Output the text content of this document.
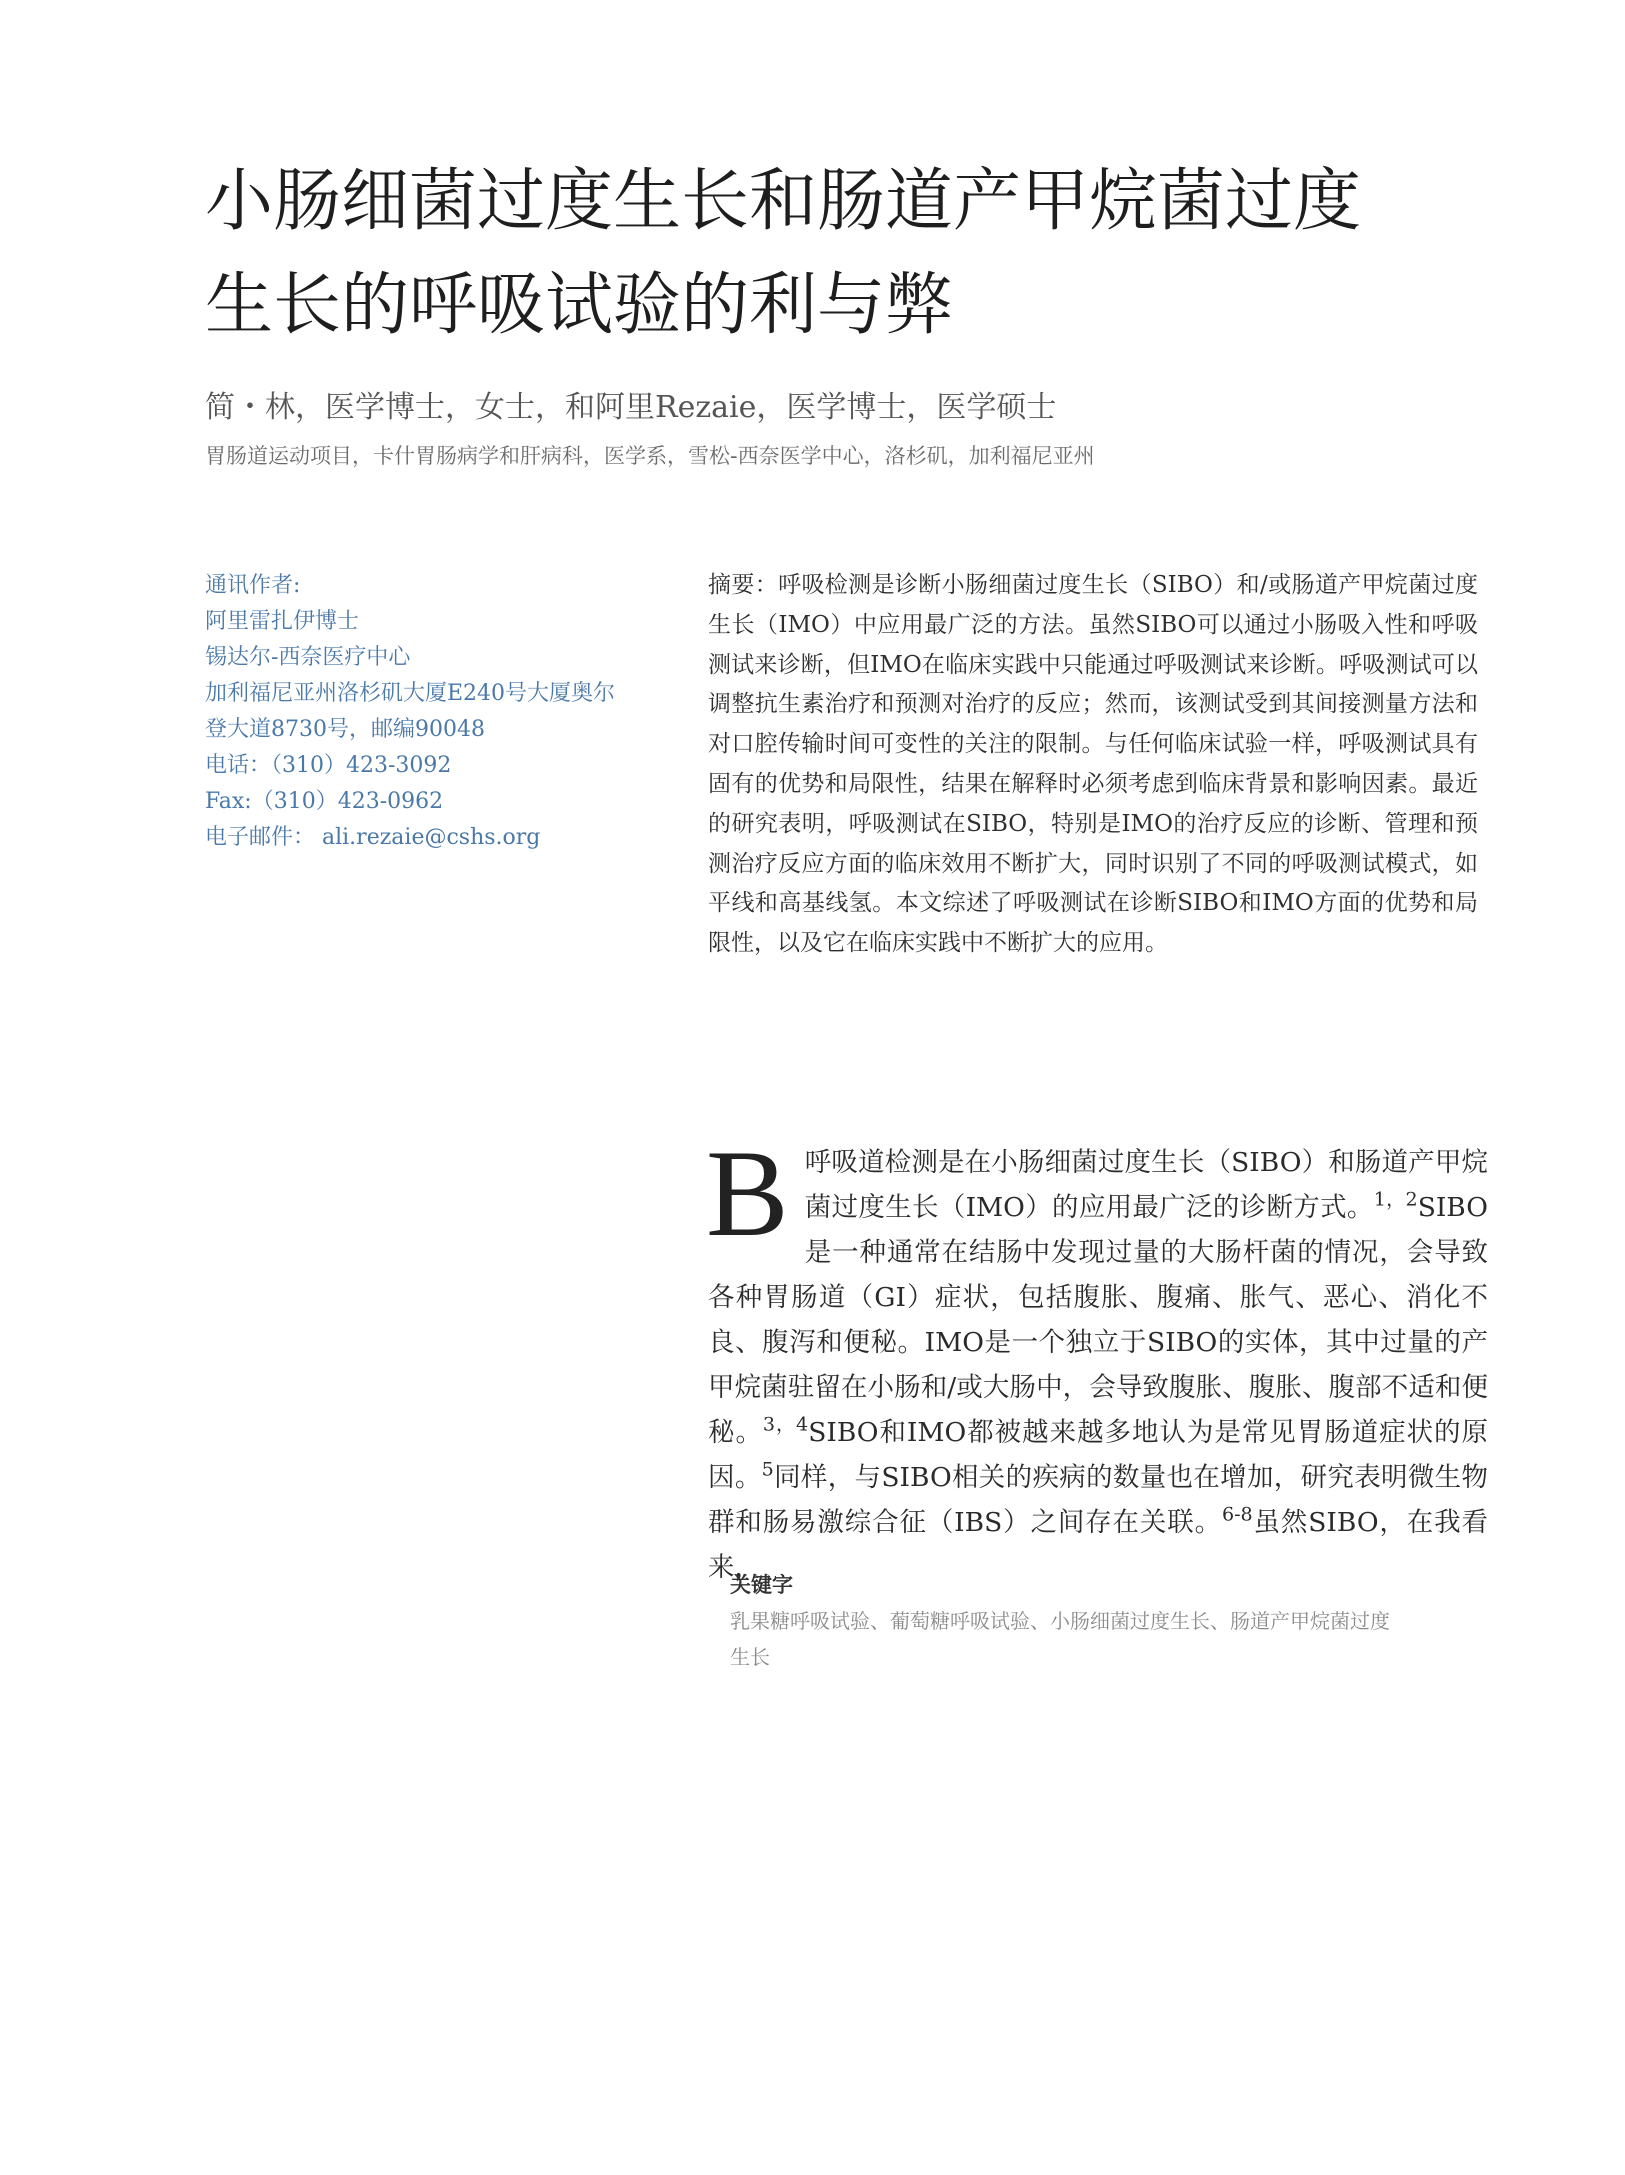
小肠细菌过度生长和肠道产甲烷菌过度
生长的呼吸试验的利与弊
简・林，医学博士，女士，和阿里Rezaie，医学博士，医学硕士
胃肠道运动项目，卡什胃肠病学和肝病科，医学系，雪松-西奈医学中心，洛杉矶，加利福尼亚州
通讯作者:
阿里雷扎伊博士
锡达尔-西奈医疗中心
加利福尼亚州洛杉矶大厦E240号大厦奥尔
登大道8730号，邮编90048
电话：（310）423-3092
Fax:（310）423-0962
电子邮件： ali.rezaie@cshs.org
摘要：呼吸检测是诊断小肠细菌过度生长（SIBO）和/或肠道产甲烷菌过度生长（IMO）中应用最广泛的方法。虽然SIBO可以通过小肠吸入性和呼吸测试来诊断，但IMO在临床实践中只能通过呼吸测试来诊断。呼吸测试可以调整抗生素治疗和预测对治疗的反应；然而，该测试受到其间接测量方法和对口腔传输时间可变性的关注的限制。与任何临床试验一样，呼吸测试具有固有的优势和局限性，结果在解释时必须考虑到临床背景和影响因素。最近的研究表明，呼吸测试在SIBO，特别是IMO的治疗反应的诊断、管理和预测治疗反应方面的临床效用不断扩大，同时识别了不同的呼吸测试模式，如平线和高基线氢。本文综述了呼吸测试在诊断SIBO和IMO方面的优势和局限性，以及它在临床实践中不断扩大的应用。
B呼吸道检测是在小肠细菌过度生长（SIBO）和肠道产甲烷菌过度生长（IMO）的应用最广泛的诊断方式。$^{1,2}$SIBO是一种通常在结肠中发现过量的大肠杆菌的情况，会导致各种胃肠道（GI）症状，包括腹胀、腹痛、胀气、恶心、消化不良、腹泻和便秘。IMO是一个独立于SIBO的实体，其中过量的产甲烷菌驻留在小肠和/或大肠中，会导致腹胀、腹胀、腹部不适和便秘。$^{3,4}$SIBO和IMO都被越来越多地认为是常见胃肠道症状的原因。$^5$同样，与SIBO相关的疾病的数量也在增加，研究表明微生物群和肠易激综合征（IBS）之间存在关联。$^{6-8}$虽然SIBO，在我看来，
关键字
乳果糖呼吸试验、葡萄糖呼吸试验、小肠细菌过度生长、肠道产甲烷菌过度生长
